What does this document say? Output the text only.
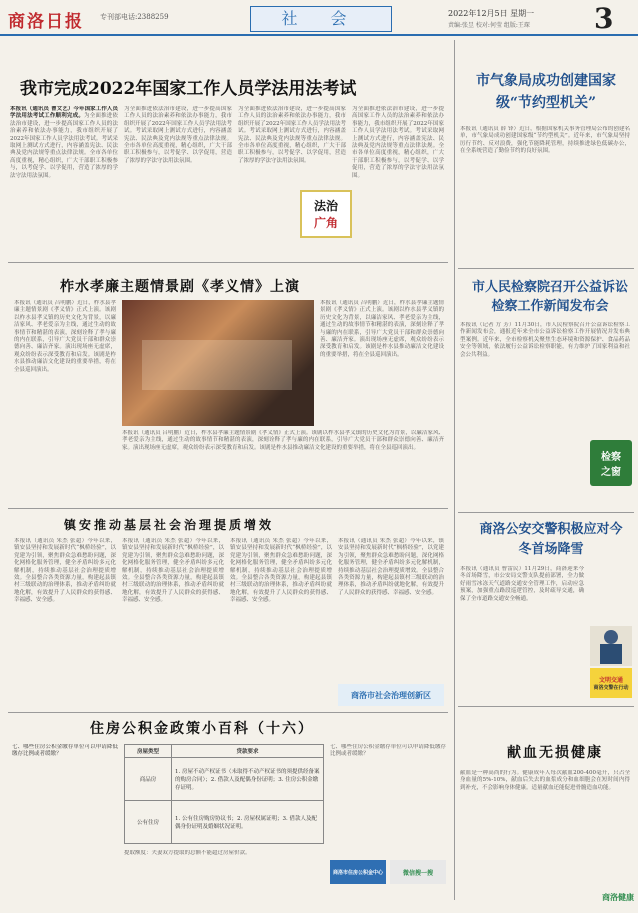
商洛日报 专刊部电话:2388259	社 会	2022年12月5日 星期一
责编:张昱 校对:何莹 组版:王琛 3
我市完成2022年国家工作人员学法用法考试
本报讯（通讯员 曹文艺）今年国家工作人员学法用法考试工作顺利完成。为全面推进依法治市建设，进一步提高国家工作人员的法治素养和依法办事能力，我市组织开展了2022年国家工作人员学法用法考试。考试采取网上测试方式进行，内容涵盖宪法、民法典及党内法规等重点法律法规。全市各单位高度重视，精心组织，广大干部职工积极参与，以考促学、以学促用，营造了浓厚的学法守法用法氛围。
为全面推进依法治市建设，进一步提高国家工作人员的法治素养和依法办事能力，我市组织开展了2022年国家工作人员学法用法考试。考试采取网上测试方式进行，内容涵盖宪法、民法典及党内法规等重点法律法规。全市各单位高度重视，精心组织，广大干部职工积极参与，以考促学、以学促用，营造了浓厚的学法守法用法氛围。
为全面推进依法治市建设，进一步提高国家工作人员的法治素养和依法办事能力，我市组织开展了2022年国家工作人员学法用法考试。考试采取网上测试方式进行，内容涵盖宪法、民法典及党内法规等重点法律法规。全市各单位高度重视，精心组织，广大干部职工积极参与，以考促学、以学促用，营造了浓厚的学法守法用法氛围。
为全面推进依法治市建设，进一步提高国家工作人员的法治素养和依法办事能力，我市组织开展了2022年国家工作人员学法用法考试。考试采取网上测试方式进行，内容涵盖宪法、民法典及党内法规等重点法律法规。全市各单位高度重视，精心组织，广大干部职工积极参与，以考促学、以学促用，营造了浓厚的学法守法用法氛围。
法治
广角
市气象局成功创建国家级“节约型机关”
本报讯（通讯员 薛 铎）近日，根据国家机关事务管理局公布的创建名单，市气象局成功创建国家级“节约型机关”。近年来，市气象局坚持厉行节约、反对浪费，强化节能降耗管理，持续推进绿色低碳办公，在全系统营造了勤俭节约的良好氛围。
柞水孝廉主题情景剧《孝义情》上演
本报讯（通讯员 吕明鹏）近日，柞水县孝廉主题情景剧《孝义情》正式上演。该剧以柞水县孝义镇的历史文化为背景，以廉洁家风、孝老爱亲为主线，通过生动的故事情节和精湛的表演，深刻诠释了孝与廉的内在联系，引导广大党员干部和群众崇德向善、廉洁齐家。演出现场座无虚席，观众纷纷表示深受教育和启发。该剧是柞水县推动廉洁文化建设的重要举措，将在全县巡回演出。
本报讯（通讯员 吕明鹏）近日，柞水县孝廉主题情景剧《孝义情》正式上演。该剧以柞水县孝义镇的历史文化为背景，以廉洁家风、孝老爱亲为主线，通过生动的故事情节和精湛的表演，深刻诠释了孝与廉的内在联系，引导广大党员干部和群众崇德向善、廉洁齐家。演出现场座无虚席，观众纷纷表示深受教育和启发。该剧是柞水县推动廉洁文化建设的重要举措，将在全县巡回演出。
本报讯（通讯员 吕明鹏）近日，柞水县孝廉主题情景剧《孝义情》正式上演。该剧以柞水县孝义镇的历史文化为背景，以廉洁家风、孝老爱亲为主线，通过生动的故事情节和精湛的表演，深刻诠释了孝与廉的内在联系，引导广大党员干部和群众崇德向善、廉洁齐家。演出现场座无虚席，观众纷纷表示深受教育和启发。该剧是柞水县推动廉洁文化建设的重要举措，将在全县巡回演出。
市人民检察院召开公益诉讼检察工作新闻发布会
本报讯（记者 方 芳）11月30日，市人民检察院召开公益诉讼检察工作新闻发布会，通报近年来全市公益诉讼检察工作开展情况并发布典型案例。近年来，全市检察机关聚焦生态环境和资源保护、食品药品安全等领域，依法履行公益诉讼检察职能，有力维护了国家利益和社会公共利益。
检察
之窗
镇安推动基层社会治理提质增效
本报讯（通讯员 朱杰 张超）今年以来，镇安县坚持和发展新时代“枫桥经验”，以党建为引领，聚焦群众急难愁盼问题，深化网格化服务管理，健全矛盾纠纷多元化解机制，持续推动基层社会治理提质增效。全县整合各类资源力量，构建起县镇村三级联动的治理体系，推动矛盾纠纷就地化解，有效提升了人民群众的获得感、幸福感、安全感。
本报讯（通讯员 朱杰 张超）今年以来，镇安县坚持和发展新时代“枫桥经验”，以党建为引领，聚焦群众急难愁盼问题，深化网格化服务管理，健全矛盾纠纷多元化解机制，持续推动基层社会治理提质增效。全县整合各类资源力量，构建起县镇村三级联动的治理体系，推动矛盾纠纷就地化解，有效提升了人民群众的获得感、幸福感、安全感。
本报讯（通讯员 朱杰 张超）今年以来，镇安县坚持和发展新时代“枫桥经验”，以党建为引领，聚焦群众急难愁盼问题，深化网格化服务管理，健全矛盾纠纷多元化解机制，持续推动基层社会治理提质增效。全县整合各类资源力量，构建起县镇村三级联动的治理体系，推动矛盾纠纷就地化解，有效提升了人民群众的获得感、幸福感、安全感。
本报讯（通讯员 朱杰 张超）今年以来，镇安县坚持和发展新时代“枫桥经验”，以党建为引领，聚焦群众急难愁盼问题，深化网格化服务管理，健全矛盾纠纷多元化解机制，持续推动基层社会治理提质增效。全县整合各类资源力量，构建起县镇村三级联动的治理体系，推动矛盾纠纷就地化解，有效提升了人民群众的获得感、幸福感、安全感。
商洛市社会治理创新区
商洛公安交警积极应对今冬首场降雪
本报讯（通讯员 曹雷民）11月29日，商洛迎来今冬首场降雪，市公安局交警支队提前部署，全力做好雨雪冰冻天气道路交通安全管理工作，启动应急预案，加强重点路段巡逻管控，及时疏导交通，确保了全市道路交通安全畅通。
文明交通
商洛交警在行动
住房公积金政策小百科（十六）
七、哪些住房公积金缴存单位可以申请降低缴存比例或者缓缴？	房屋类型	贷款要求
商品房	1. 房屋不动产权证书（未取得不动产权证书的须提供经备案的购房合同）；2. 借款人及配偶身份证明；3. 住房公积金缴存证明。
公有住房	1. 公有住房购房协议书；2. 房屋权属证明；3. 借款人及配偶身份证明及婚姻状况证明。
提取额度：夫妻双方提取的总额不能超过房屋价款。
七、哪些住房公积金缴存单位可以申请降低缴存比例或者缓缴？
商洛市住房公积金中心	微信搜一搜
献血无损健康
献血是一种高尚的行为。健康成年人每次献血200-400毫升，只占全身血量的5%-10%，献血后失去的血浆成分和血细胞会在短时间内得到补充，不会影响身体健康。适量献血还能促进骨髓造血功能。
商洛健康
